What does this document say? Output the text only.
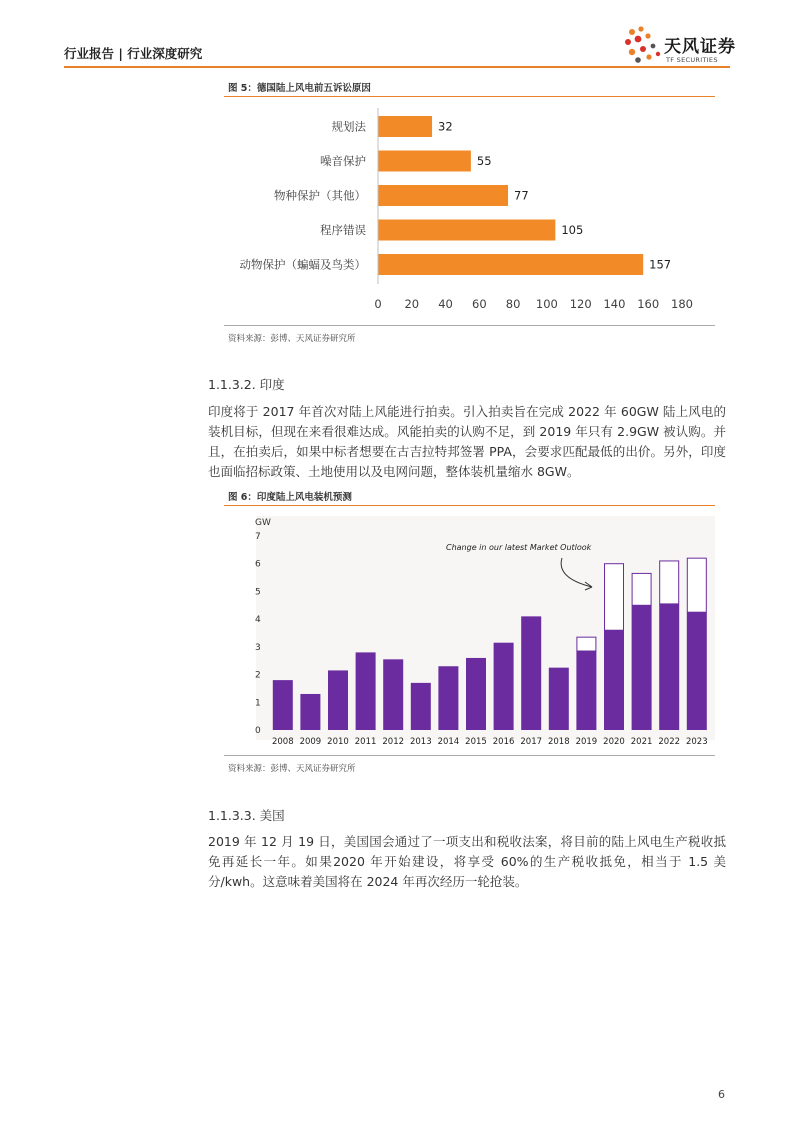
行业报告 | 行业深度研究	天风证券
TF SECURITIES
图 5：德国陆上风电前五诉讼原因
规划法	32
噪音保护	55
物种保护（其他）	77
程序错误	105
动物保护（蝙蝠及鸟类）	157
0 20 40 60 80 100 120 140 160 180
资料来源：彭博、天风证券研究所
1.1.3.2. 印度
印度将于 2017 年首次对陆上风能进行拍卖。引入拍卖旨在完成 2022 年 60GW 陆上风电的装机目标，但现在来看很难达成。风能拍卖的认购不足，到 2019 年只有 2.9GW 被认购。并且，在拍卖后，如果中标者想要在古吉拉特邦签署 PPA，会要求匹配最低的出价。另外，印度也面临招标政策、土地使用以及电网问题，整体装机量缩水 8GW。
图 6：印度陆上风电装机预测
GW
0
1
2
3
4
5
6
7
2008 2009 2010 2011 2012 2013 2014 2015 2016 2017 2018 2019 2020 2021 2022 2023
Change in our latest Market Outlook
资料来源：彭博、天风证券研究所
1.1.3.3. 美国
2019 年 12 月 19 日，美国国会通过了一项支出和税收法案，将目前的陆上风电生产税收抵免再延长一年。如果2020 年开始建设，将享受 60%的生产税收抵免，相当于 1.5 美分/kwh。这意味着美国将在 2024 年再次经历一轮抢装。
6
